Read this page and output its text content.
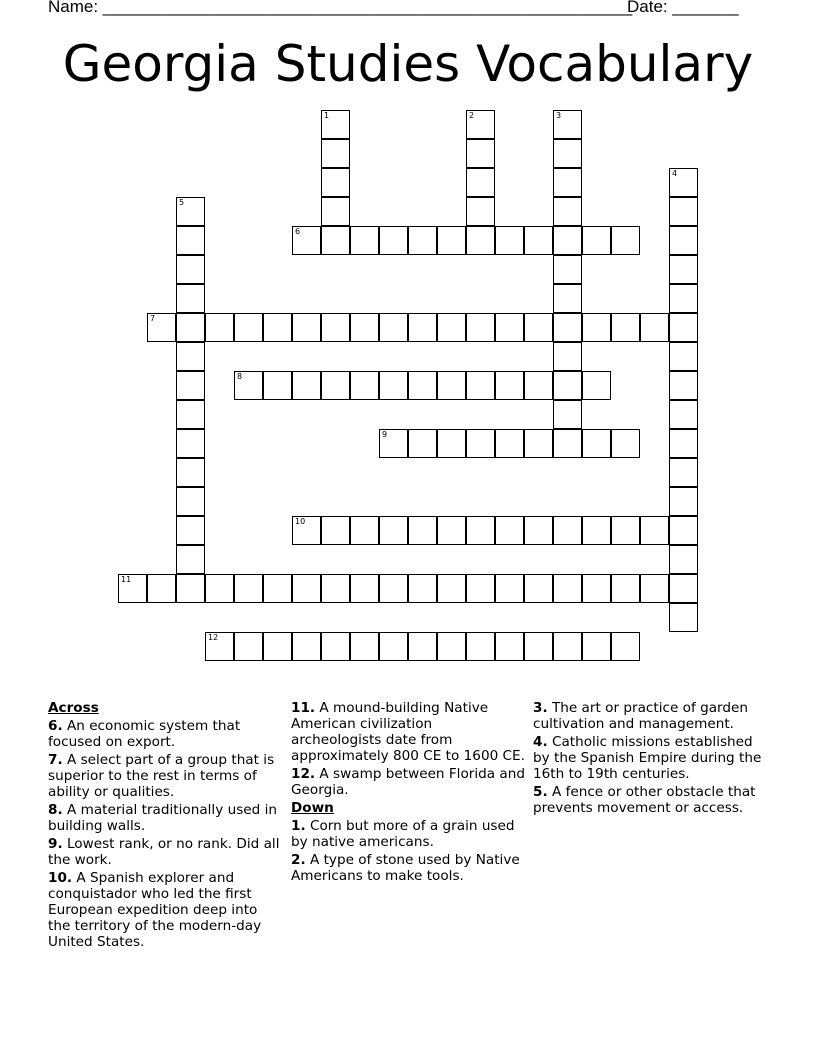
Name: ________________________________________________________
Date: _______
Georgia Studies Vocabulary
1	2	3
4
5
6
7
8
9
10
11
12
Across
6. An economic system that focused on export.
7. A select part of a group that is superior to the rest in terms of ability or qualities.
8. A material traditionally used in building walls.
9. Lowest rank, or no rank. Did all the work.
10. A Spanish explorer and conquistador who led the first European expedition deep into the territory of the modern-day United States.
11. A mound-building Native American civilization archeologists date from approximately 800 CE to 1600 CE.
12. A swamp between Florida and Georgia.
Down
1. Corn but more of a grain used by native americans.
2. A type of stone used by Native Americans to make tools.
3. The art or practice of garden cultivation and management.
4. Catholic missions established by the Spanish Empire during the 16th to 19th centuries.
5. A fence or other obstacle that prevents movement or access.
